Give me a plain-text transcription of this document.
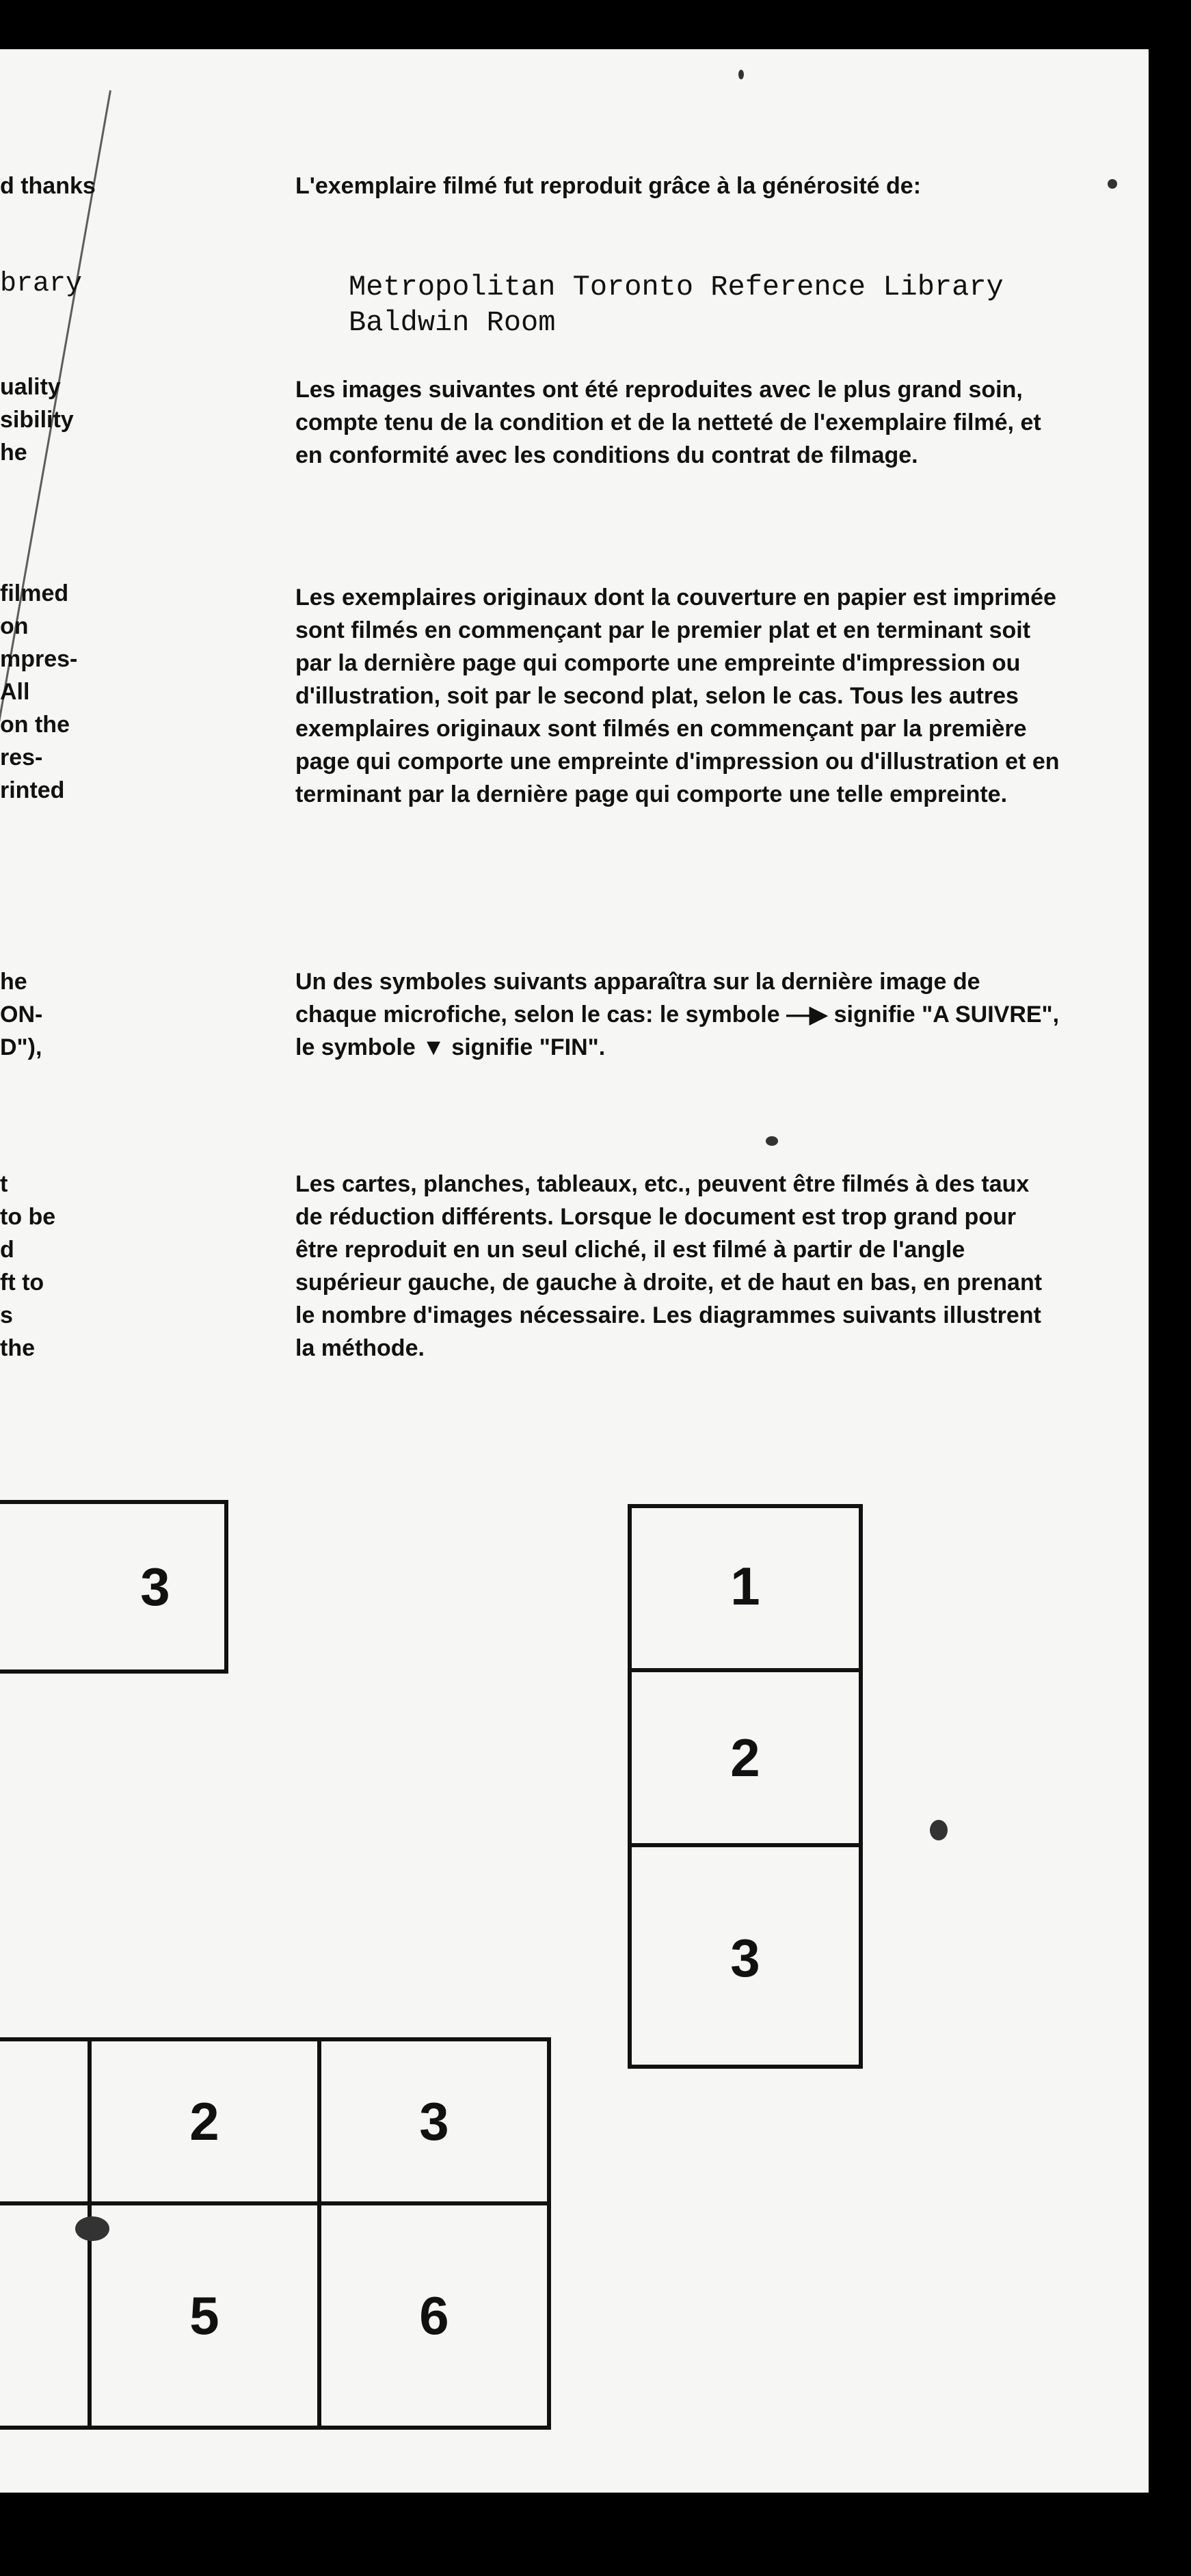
d thanks
brary
uality
sibility
he
filmed
on
mpres-
All
on the
res-
rinted
he
ON-
D"),
t
to be
d
ft to
s
the
L'exemplaire filmé fut reproduit grâce à la générosité de:
Metropolitan Toronto Reference Library
Baldwin Room
Les images suivantes ont été reproduites avec le plus grand soin, compte tenu de la condition et de la netteté de l'exemplaire filmé, et en conformité avec les conditions du contrat de filmage.
Les exemplaires originaux dont la couverture en papier est imprimée sont filmés en commençant par le premier plat et en terminant soit par la dernière page qui comporte une empreinte d'impression ou d'illustration, soit par le second plat, selon le cas. Tous les autres exemplaires originaux sont filmés en commençant par la première page qui comporte une empreinte d'impression ou d'illustration et en terminant par la dernière page qui comporte une telle empreinte.
Un des symboles suivants apparaîtra sur la dernière image de chaque microfiche, selon le cas: le symbole —▶ signifie "A SUIVRE", le symbole ▼ signifie "FIN".
Les cartes, planches, tableaux, etc., peuvent être filmés à des taux de réduction différents. Lorsque le document est trop grand pour être reproduit en un seul cliché, il est filmé à partir de l'angle supérieur gauche, de gauche à droite, et de haut en bas, en prenant le nombre d'images nécessaire. Les diagrammes suivants illustrent la méthode.
3	1
2
3
2	3
5	6
